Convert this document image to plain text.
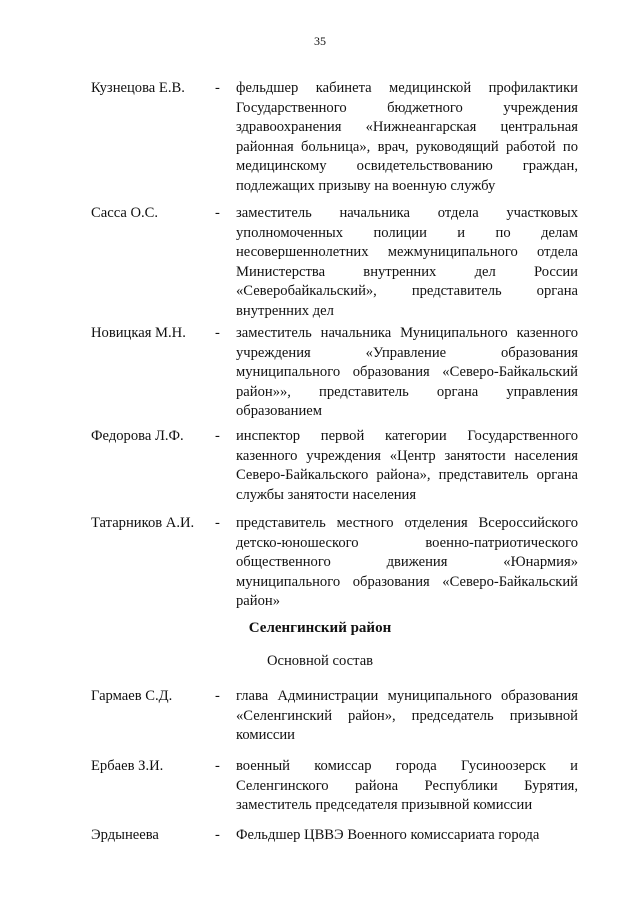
35
Кузнецова Е.В. - фельдшер кабинета медицинской профилактики Государственного бюджетного учреждения здравоохранения «Нижнеангарская центральная районная больница», врач, руководящий работой по медицинскому освидетельствованию граждан, подлежащих призыву на военную службу
Сасса О.С.	- заместитель начальника отдела участковых уполномоченных полиции и по делам несовершеннолетних межмуниципального отдела Министерства внутренних дел России «Северобайкальский», представитель органа внутренних дел
Новицкая М.Н. - заместитель начальника Муниципального казенного учреждения «Управление образования муниципального образования «Северо-Байкальский район»», представитель органа управления образованием
Федорова Л.Ф. - инспектор первой категории Государственного казенного учреждения «Центр занятости населения Северо-Байкальского района», представитель органа службы занятости населения
Татарников А.И. - представитель местного отделения Всероссийского детско-юношеского военно-патриотического общественного движения «Юнармия» муниципального образования «Северо-Байкальский район»
Селенгинский район
Основной состав
Гармаев С.Д.	- глава Администрации муниципального образования «Селенгинский район», председатель призывной комиссии
Ербаев З.И.	- военный комиссар города Гусиноозерск и Селенгинского района Республики Бурятия, заместитель председателя призывной комиссии
Эрдынеева	- Фельдшер ЦВВЭ Военного комиссариата города
